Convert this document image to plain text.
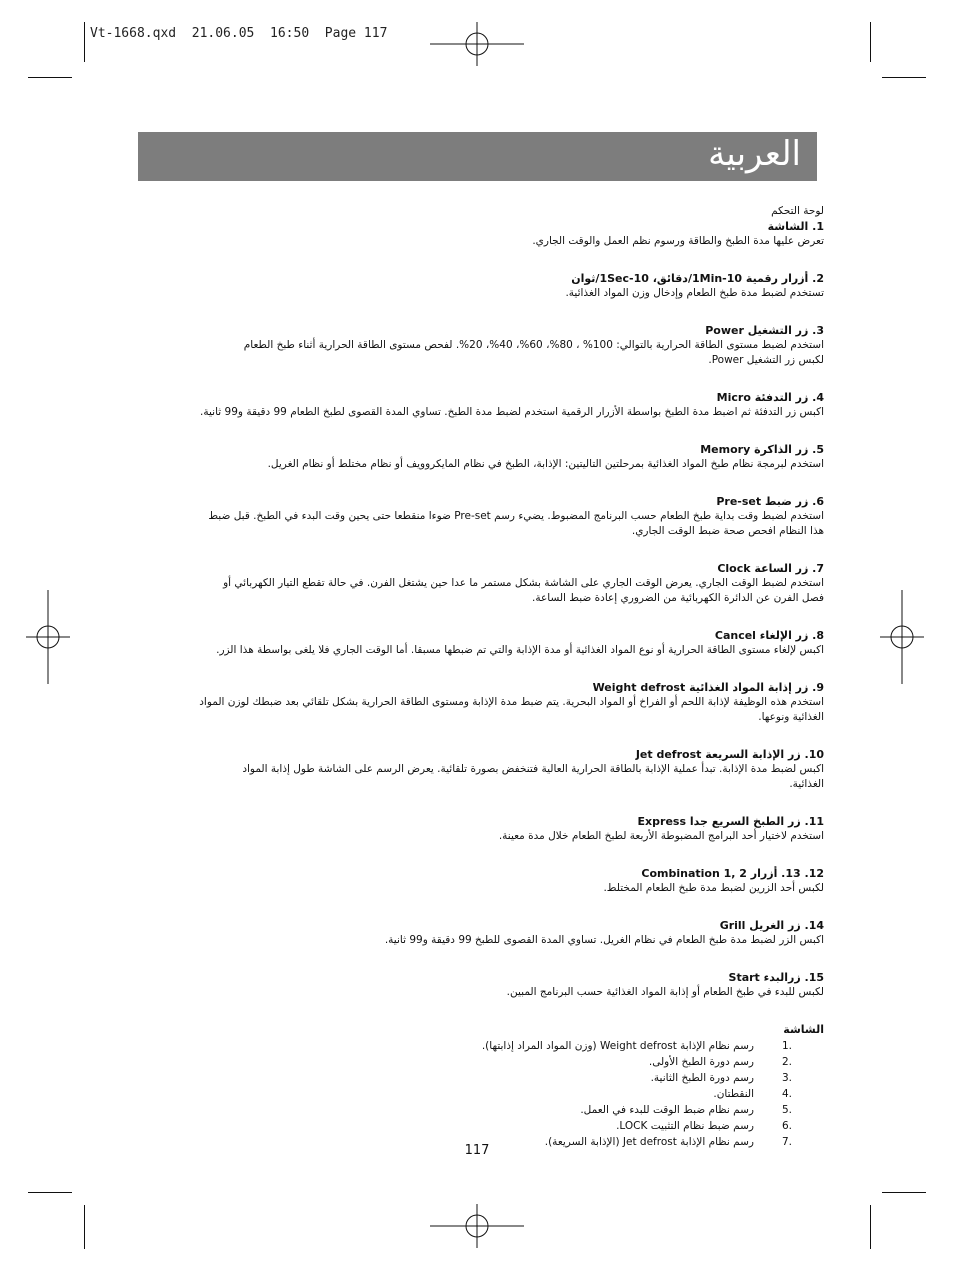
Vt-1668.qxd  21.06.05  16:50  Page 117
العربية
لوحة التحكم
1. الشاشة
تعرض عليها مدة الطبخ والطاقة ورسوم نظم العمل والوقت الجاري.
2. أزرار رقمية 10-1Min/دقائق، 10-1Sec/ثوان
تستخدم لضبط مدة طبخ الطعام وإدخال وزن المواد الغذائية.
3. زر التشغيل Power
استخدم لضبط مستوى الطاقة الحرارية بالتوالي: 100% ، 80%، 60%، 40%، 20%. لفحص مستوى الطاقة الحرارية أثناء طبخ الطعام
لكبس زر التشغيل Power.
4. زر التدفئة Micro
اكبس زر التدفئة ثم اضبط مدة الطبخ بواسطة الأزرار الرقمية استخدم لضبط مدة الطبخ. تساوي المدة القصوى لطبخ الطعام 99 دقيقة و99 ثانية.
5. زر الذاكرة Memory
استخدم لبرمجة نظام طبخ المواد الغذائية بمرحلتين التاليتين: الإذابة، الطبخ في نظام المايكروويف أو نظام مختلط أو نظام الغريل.
6. زر ضبط Pre-set
استخدم لضبط وقت بداية طبخ الطعام حسب البرنامج المضبوط. يضيء رسم Pre-set ضوءا منقطعا حتى يحين وقت البدء في الطبخ. قبل ضبط
هذا النظام افحص صحة ضبط الوقت الجاري.
7. زر الساعة Clock
استخدم لضبط الوقت الجاري. يعرض الوقت الجاري على الشاشة بشكل مستمر ما عدا حين يشتغل الفرن. في حالة تقطع التيار الكهربائي أو
فصل الفرن عن الدائرة الكهربائية من الضروري إعادة ضبط الساعة.
8. زر الإلغاء Cancel
اكبس لإلغاء مستوى الطاقة الحرارية أو نوع المواد الغذائية أو مدة الإذابة والتي تم ضبطها مسبقا. أما الوقت الجاري فلا يلغى بواسطة هذا الزر.
9. زر إذابة المواد الغذائية Weight defrost
استخدم هذه الوظيفة لإذابة اللحم أو الفراخ أو المواد البحرية. يتم ضبط مدة الإذابة ومستوى الطاقة الحرارية بشكل تلقائي بعد ضبطك لوزن المواد
الغذائية ونوعها.
10. زر الإذابة السريعة Jet defrost
اكبس لضبط مدة الإذابة. تبدأ عملية الإذابة بالطاقة الحرارية العالية فتنخفض بصورة تلقائية. يعرض الرسم على الشاشة طول إذابة المواد
الغذائية.
11. زر الطبخ السريع جدا Express
استخدم لاختيار أحد البرامج المضبوطة الأربعة لطبخ الطعام خلال مدة معينة.
12. 13. أزرار Combination 1, 2
لكبس أحد الزرين لضبط مدة طبخ الطعام المختلط.
14. زر الغريل Grill
اكبس الزر لضبط مدة طبخ الطعام في نظام الغريل. تساوي المدة القصوى للطبخ 99 دقيقة و99 ثانية.
15. زرالبدء Start
لكبس للبدء في طبخ الطعام أو إذابة المواد الغذائية حسب البرنامج المبين.
الشاشة
1.
رسم نظام الإذابة Weight defrost (وزن المواد المراد إذابتها).
2.
رسم دورة الطبخ الأولى.
3.
رسم دورة الطبخ الثانية.
4.
النقطتان.
5.
رسم نظام ضبط الوقت للبدء في العمل.
6.
رسم ضبط نظام التثبيت LOCK.
7.
رسم نظام الإذابة Jet defrost (الإذابة السريعة).
117
